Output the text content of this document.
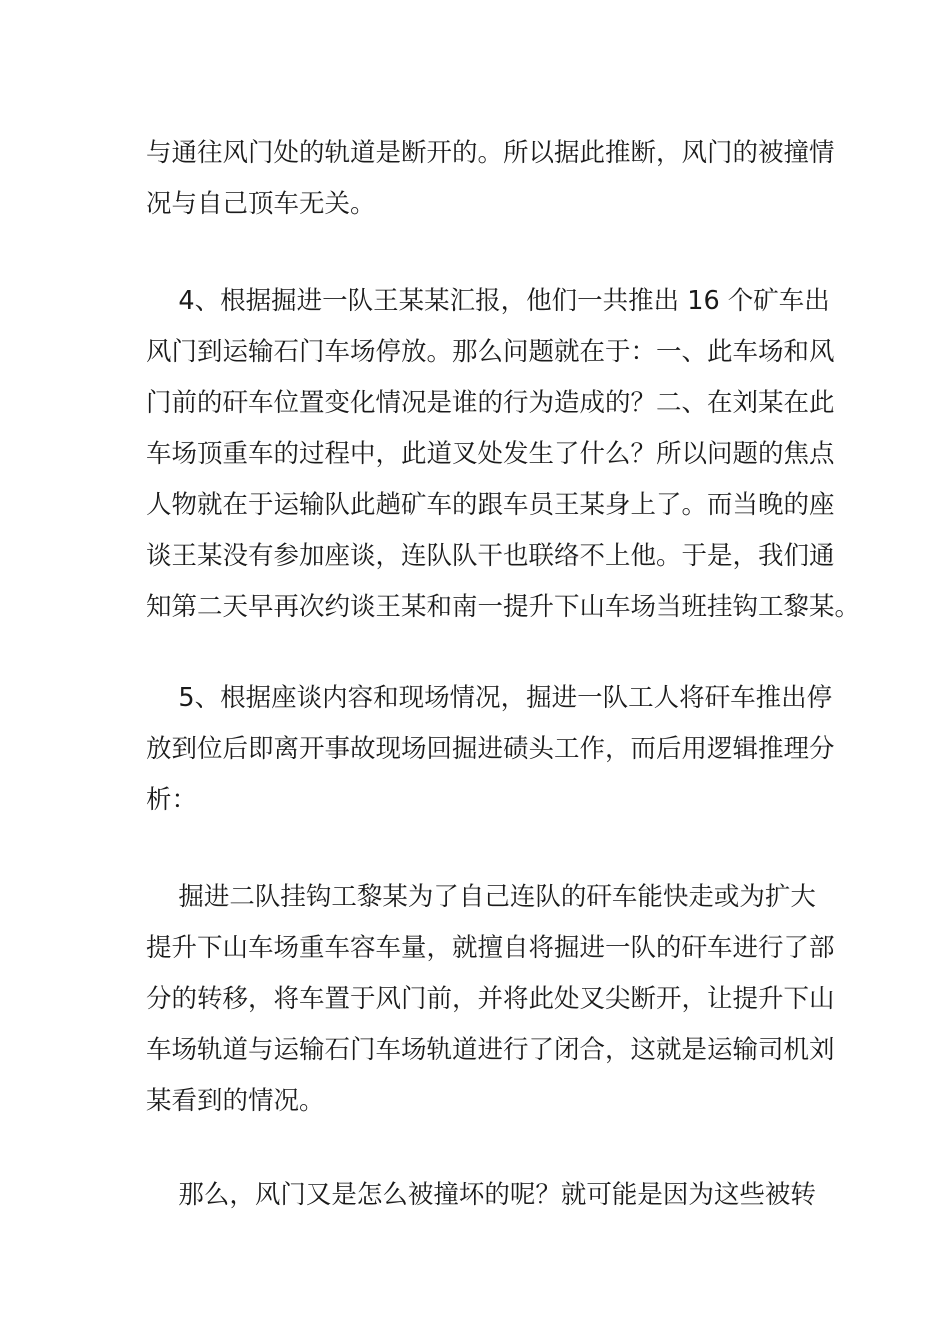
与通往风门处的轨道是断开的。所以据此推断，风门的被撞情
况与自己顶车无关。
4、根据掘进一队王某某汇报，他们一共推出 16 个矿车出
风门到运输石门车场停放。那么问题就在于：一、此车场和风
门前的矸车位置变化情况是谁的行为造成的？二、在刘某在此
车场顶重车的过程中，此道叉处发生了什么？所以问题的焦点
人物就在于运输队此趟矿车的跟车员王某身上了。而当晚的座
谈王某没有参加座谈，连队队干也联络不上他。于是，我们通
知第二天早再次约谈王某和南一提升下山车场当班挂钩工黎某。
5、根据座谈内容和现场情况，掘进一队工人将矸车推出停
放到位后即离开事故现场回掘进碛头工作，而后用逻辑推理分
析：
掘进二队挂钩工黎某为了自己连队的矸车能快走或为扩大
提升下山车场重车容车量，就擅自将掘进一队的矸车进行了部
分的转移，将车置于风门前，并将此处叉尖断开，让提升下山
车场轨道与运输石门车场轨道进行了闭合，这就是运输司机刘
某看到的情况。
那么，风门又是怎么被撞坏的呢？就可能是因为这些被转
